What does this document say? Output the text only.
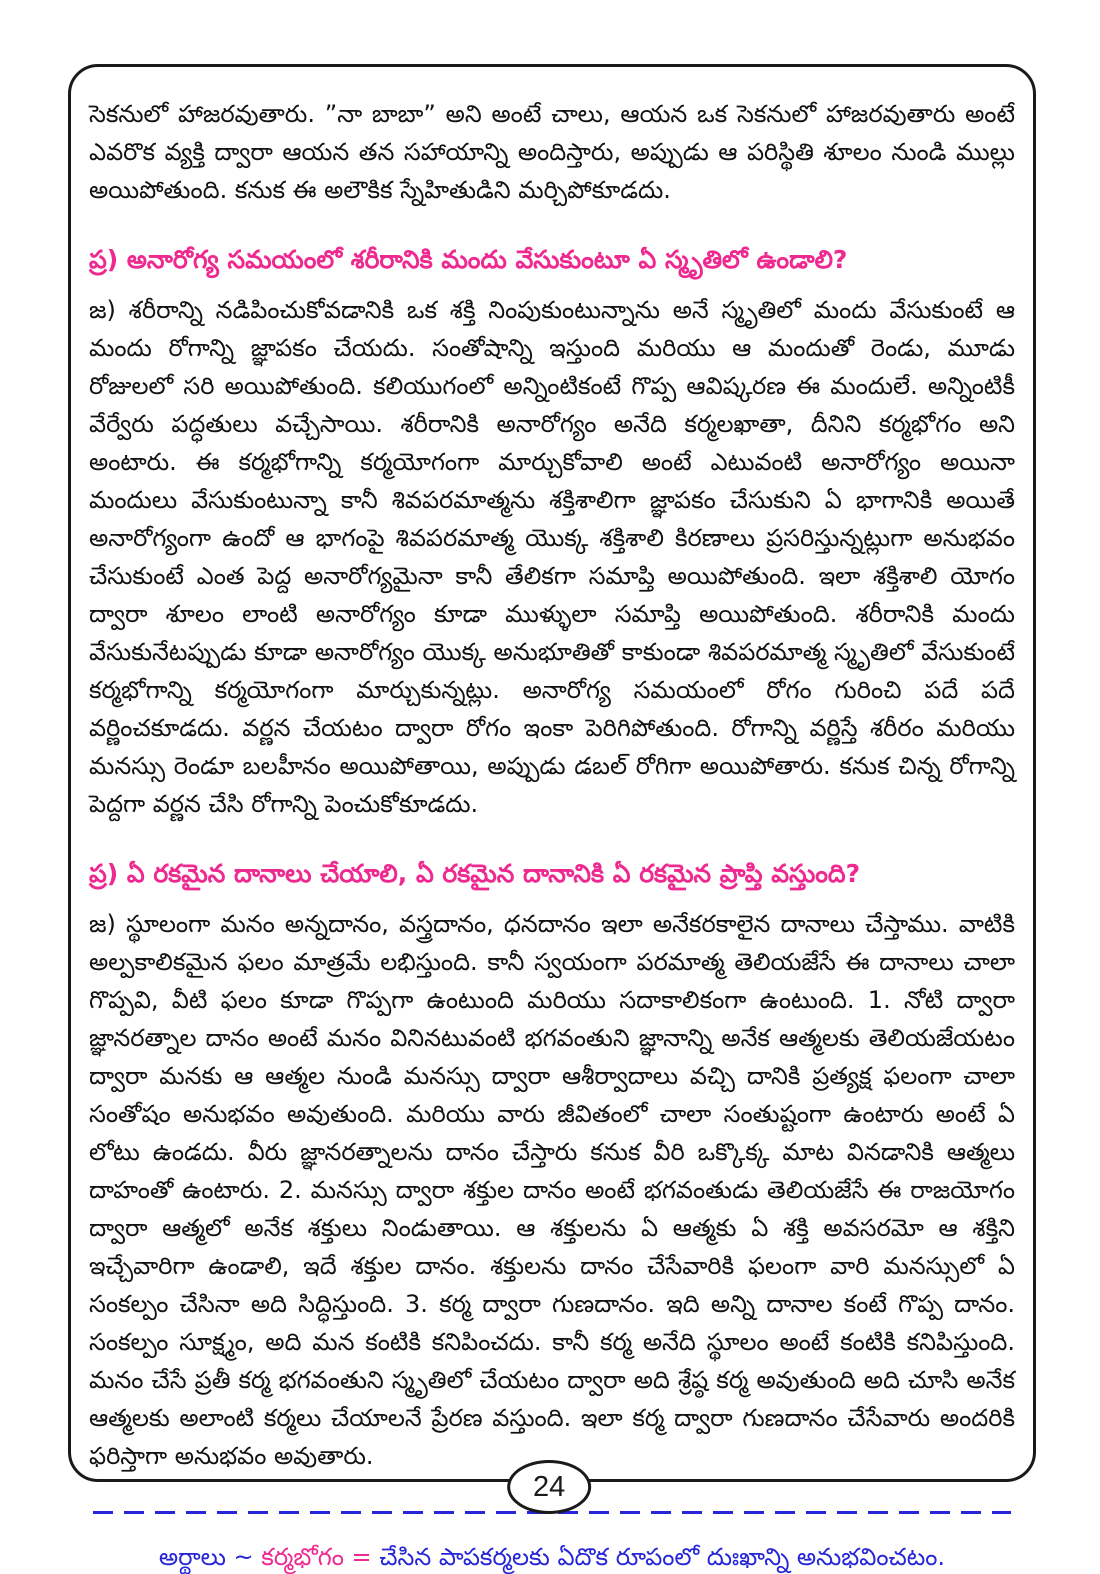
సెకనులో హాజరవుతారు. ”నా బాబా” అని అంటే చాలు, ఆయన ఒక సెకనులో హాజరవుతారు అంటే ఎవరొక వ్యక్తి ద్వారా ఆయన తన సహాయాన్ని అందిస్తారు, అప్పుడు ఆ పరిస్థితి శూలం నుండి ముల్లు అయిపోతుంది. కనుక ఈ అలౌకిక స్నేహితుడిని మర్చిపోకూడదు.

ప్ర) అనారోగ్య సమయంలో శరీరానికి మందు వేసుకుంటూ ఏ స్మృతిలో ఉండాలి?

జ) శరీరాన్ని నడిపించుకోవడానికి ఒక శక్తి నింపుకుంటున్నాను అనే స్మృతిలో మందు వేసుకుంటే ఆ మందు రోగాన్ని జ్ఞాపకం చేయదు. సంతోషాన్ని ఇస్తుంది మరియు ఆ మందుతో రెండు, మూడు రోజులలో సరి అయిపోతుంది. కలియుగంలో అన్నింటికంటే గొప్ప ఆవిష్కరణ ఈ మందులే. అన్నింటికీ వేర్వేరు పద్ధతులు వచ్చేసాయి. శరీరానికి అనారోగ్యం అనేది కర్మలఖాతా, దీనిని కర్మభోగం అని అంటారు. ఈ కర్మభోగాన్ని కర్మయోగంగా మార్చుకోవాలి అంటే ఎటువంటి అనారోగ్యం అయినా మందులు వేసుకుంటున్నా కానీ శివపరమాత్మను శక్తిశాలిగా జ్ఞాపకం చేసుకుని ఏ భాగానికి అయితే అనారోగ్యంగా ఉందో ఆ భాగంపై శివపరమాత్మ యొక్క శక్తిశాలి కిరణాలు ప్రసరిస్తున్నట్లుగా అనుభవం చేసుకుంటే ఎంత పెద్ద అనారోగ్యమైనా కానీ తేలికగా సమాప్తి అయిపోతుంది. ఇలా శక్తిశాలి యోగం ద్వారా శూలం లాంటి అనారోగ్యం కూడా ముళ్ళులా సమాప్తి అయిపోతుంది. శరీరానికి మందు వేసుకునేటప్పుడు కూడా అనారోగ్యం యొక్క అనుభూతితో కాకుండా శివపరమాత్మ స్మృతిలో వేసుకుంటే కర్మభోగాన్ని కర్మయోగంగా మార్చుకున్నట్లు. అనారోగ్య సమయంలో రోగం గురించి పదే పదే వర్ణించకూడదు. వర్ణన చేయటం ద్వారా రోగం ఇంకా పెరిగిపోతుంది. రోగాన్ని వర్ణిస్తే శరీరం మరియు మనస్సు రెండూ బలహీనం అయిపోతాయి, అప్పుడు డబల్ రోగిగా అయిపోతారు. కనుక చిన్న రోగాన్ని పెద్దగా వర్ణన చేసి రోగాన్ని పెంచుకోకూడదు.

ప్ర) ఏ రకమైన దానాలు చేయాలి, ఏ రకమైన దానానికి ఏ రకమైన ప్రాప్తి వస్తుంది?

జ) స్థూలంగా మనం అన్నదానం, వస్త్రదానం, ధనదానం ఇలా అనేకరకాలైన దానాలు చేస్తాము. వాటికి అల్పకాలికమైన ఫలం మాత్రమే లభిస్తుంది. కానీ స్వయంగా పరమాత్మ తెలియజేసే ఈ దానాలు చాలా గొప్పవి, వీటి ఫలం కూడా గొప్పగా ఉంటుంది మరియు సదాకాలికంగా ఉంటుంది. 1. నోటి ద్వారా జ్ఞానరత్నాల దానం అంటే మనం వినినటువంటి భగవంతుని జ్ఞానాన్ని అనేక ఆత్మలకు తెలియజేయటం ద్వారా మనకు ఆ ఆత్మల నుండి మనస్సు ద్వారా ఆశీర్వాదాలు వచ్చి దానికి ప్రత్యక్ష ఫలంగా చాలా సంతోషం అనుభవం అవుతుంది. మరియు వారు జీవితంలో చాలా సంతుష్టంగా ఉంటారు అంటే ఏ లోటు ఉండదు. వీరు జ్ఞానరత్నాలను దానం చేస్తారు కనుక వీరి ఒక్కొక్క మాట వినడానికి ఆత్మలు దాహంతో ఉంటారు. 2. మనస్సు ద్వారా శక్తుల దానం అంటే భగవంతుడు తెలియజేసే ఈ రాజయోగం ద్వారా ఆత్మలో అనేక శక్తులు నిండుతాయి. ఆ శక్తులను ఏ ఆత్మకు ఏ శక్తి అవసరమో ఆ శక్తిని ఇచ్చేవారిగా ఉండాలి, ఇదే శక్తుల దానం. శక్తులను దానం చేసేవారికి ఫలంగా వారి మనస్సులో ఏ సంకల్పం చేసినా అది సిద్ధిస్తుంది. 3. కర్మ ద్వారా గుణదానం. ఇది అన్ని దానాల కంటే గొప్ప దానం. సంకల్పం సూక్ష్మం, అది మన కంటికి కనిపించదు. కానీ కర్మ అనేది స్థూలం అంటే కంటికి కనిపిస్తుంది. మనం చేసే ప్రతీ కర్మ భగవంతుని స్మృతిలో చేయటం ద్వారా అది శ్రేష్ఠ కర్మ అవుతుంది అది చూసి అనేక ఆత్మలకు అలాంటి కర్మలు చేయాలనే ప్రేరణ వస్తుంది. ఇలా కర్మ ద్వారా గుణదానం చేసేవారు అందరికి ఫరిస్తాగా అనుభవం అవుతారు.

అర్థాలు ~ కర్మభోగం = చేసిన పాపకర్మలకు ఏదొక రూపంలో దుఃఖాన్ని అనుభవించటం.

24
